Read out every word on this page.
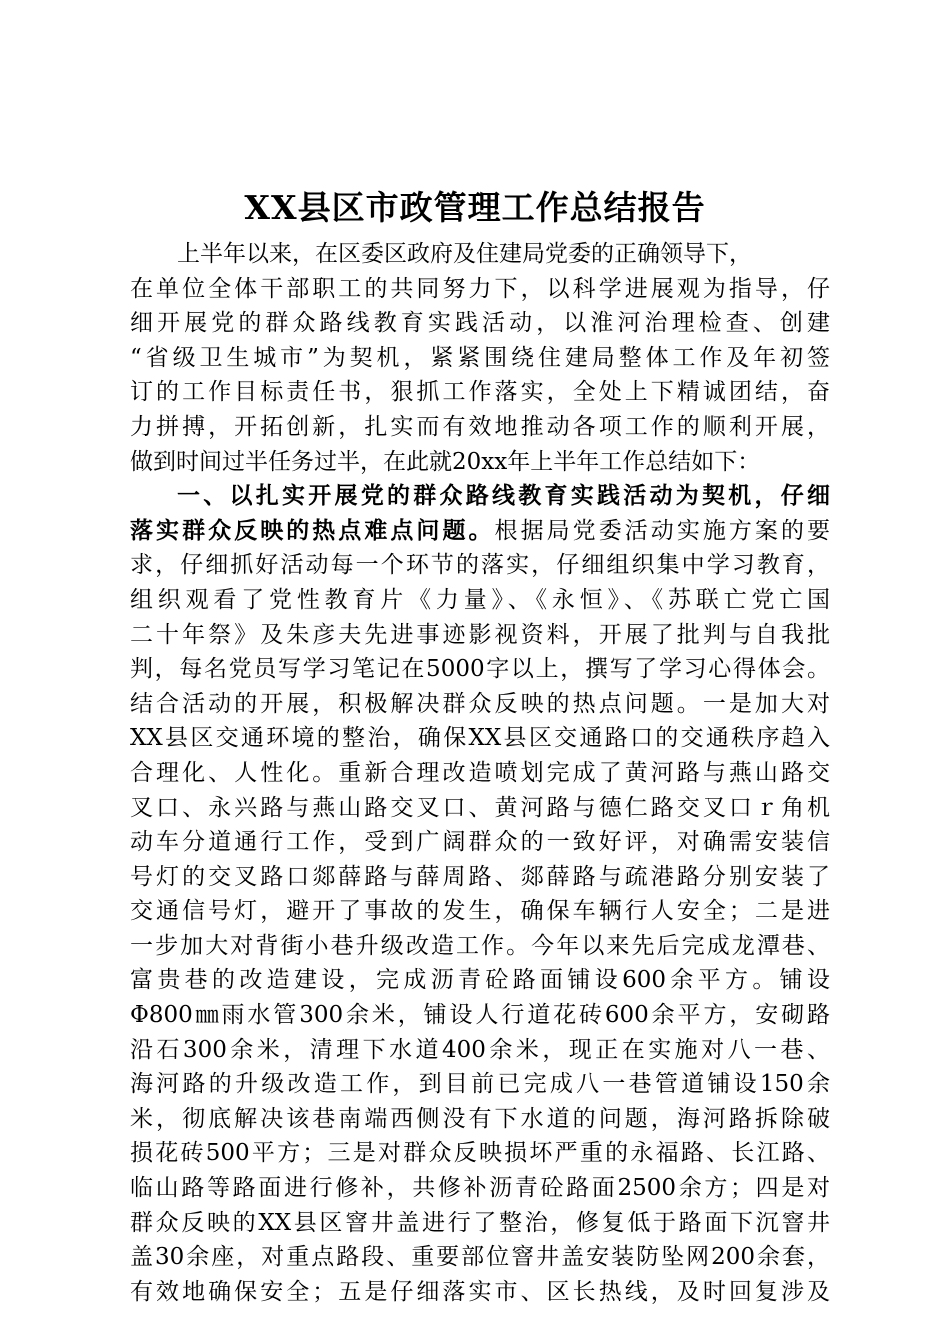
XX县区市政管理工作总结报告
上半年以来，在区委区政府及住建局党委的正确领导下，
在单位全体干部职工的共同努力下，以科学进展观为指导，仔
细开展党的群众路线教育实践活动，以淮河治理检查、创建
“省级卫生城市”为契机，紧紧围绕住建局整体工作及年初签
订的工作目标责任书，狠抓工作落实，全处上下精诚团结，奋
力拼搏，开拓创新，扎实而有效地推动各项工作的顺利开展，
做到时间过半任务过半，在此就20xx年上半年工作总结如下：
一、以扎实开展党的群众路线教育实践活动为契机，仔细
落实群众反映的热点难点问题。根据局党委活动实施方案的要
求，仔细抓好活动每一个环节的落实，仔细组织集中学习教育，
组织观看了党性教育片《力量》、《永恒》、《苏联亡党亡国
二十年祭》及朱彦夫先进事迹影视资料，开展了批判与自我批
判，每名党员写学习笔记在5000字以上，撰写了学习心得体会。
结合活动的开展，积极解决群众反映的热点问题。一是加大对
XX县区交通环境的整治，确保XX县区交通路口的交通秩序趋入
合理化、人性化。重新合理改造喷划完成了黄河路与燕山路交
叉口、永兴路与燕山路交叉口、黄河路与德仁路交叉口ｒ角机
动车分道通行工作，受到广阔群众的一致好评，对确需安装信
号灯的交叉路口郯薛路与薛周路、郯薛路与疏港路分别安装了
交通信号灯，避开了事故的发生，确保车辆行人安全；二是进
一步加大对背街小巷升级改造工作。今年以来先后完成龙潭巷、
富贵巷的改造建设，完成沥青砼路面铺设600余平方。铺设
Φ800㎜雨水管300余米，铺设人行道花砖600余平方，安砌路
沿石300余米，清理下水道400余米，现正在实施对八一巷、
海河路的升级改造工作，到目前已完成八一巷管道铺设150余
米，彻底解决该巷南端西侧没有下水道的问题，海河路拆除破
损花砖500平方；三是对群众反映损坏严重的永福路、长江路、
临山路等路面进行修补，共修补沥青砼路面2500余方；四是对
群众反映的XX县区窨井盖进行了整治，修复低于路面下沉窨井
盖30余座，对重点路段、重要部位窨井盖安装防坠网200余套，
有效地确保安全；五是仔细落实市、区长热线，及时回复涉及
